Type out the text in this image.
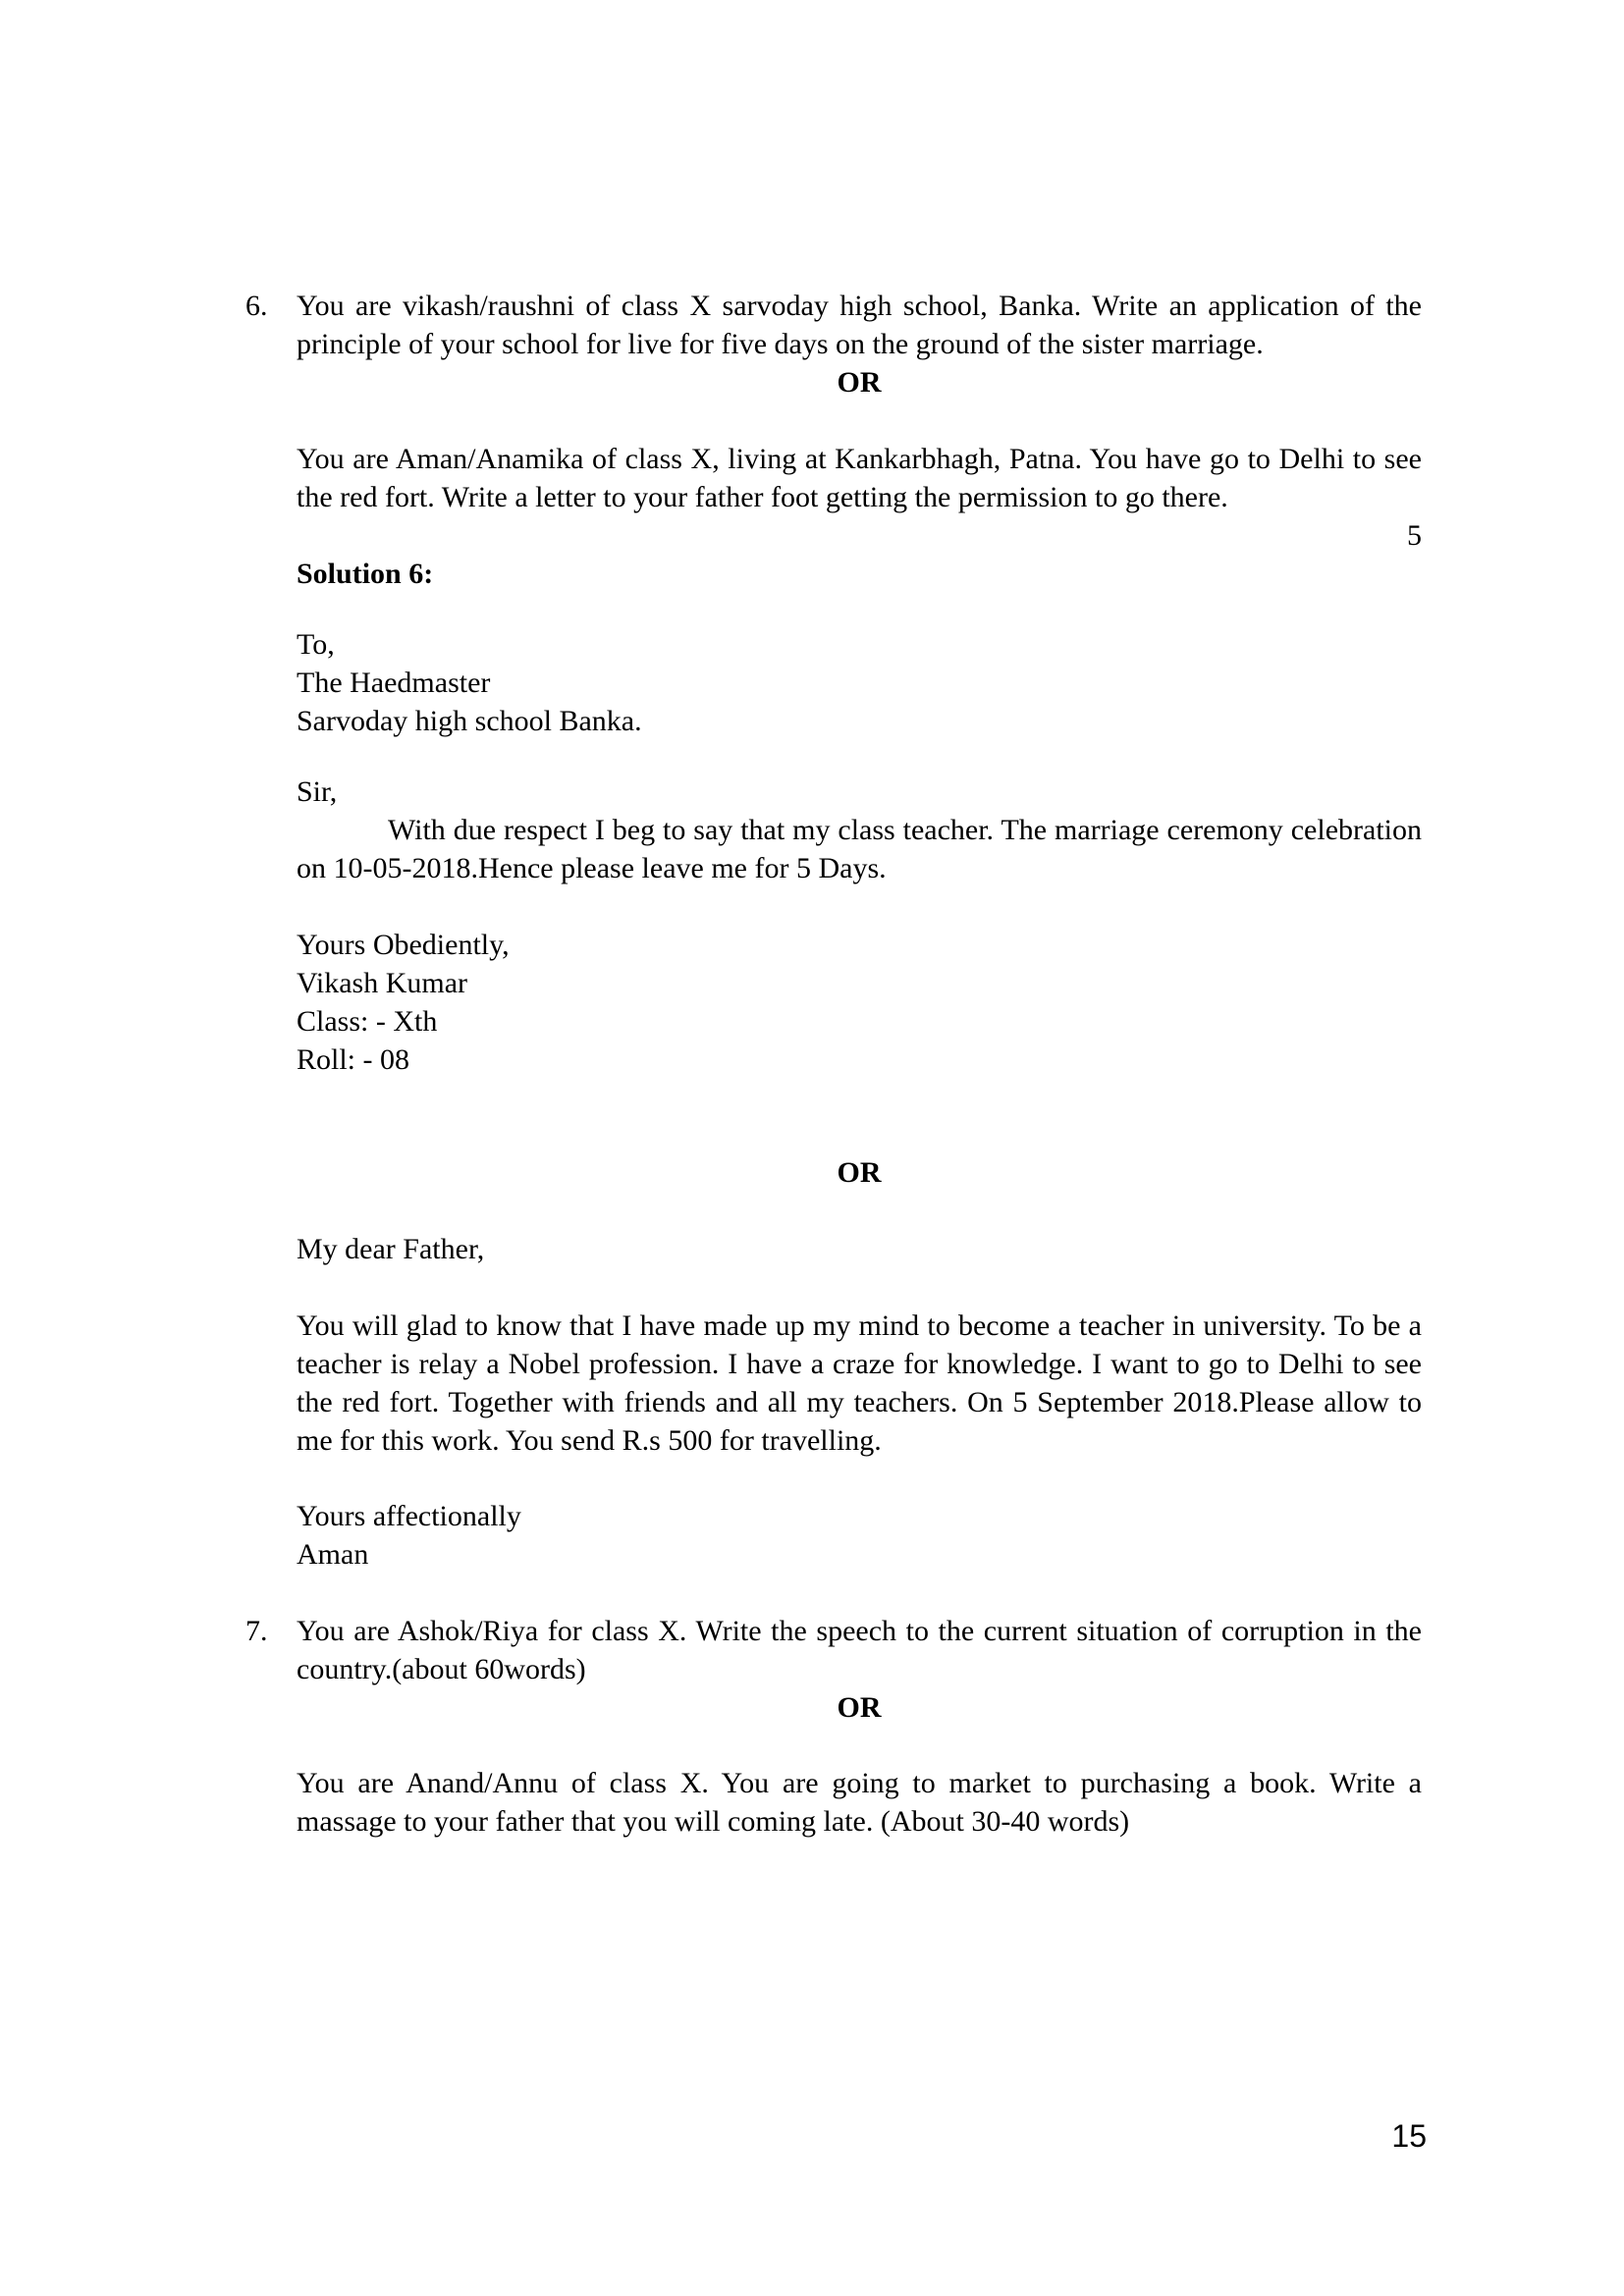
6. You are vikash/raushni of class X sarvoday high school, Banka. Write an application of the principle of your school for live for five days on the ground of the sister marriage.

OR

You are Aman/Anamika of class X, living at Kankarbhagh, Patna. You have go to Delhi to see the red fort. Write a letter to your father foot getting the permission to go there.

5

Solution 6:

To,

The Haedmaster

Sarvoday high school Banka.

Sir,

With due respect I beg to say that my class teacher. The marriage ceremony celebration on 10-05-2018.Hence please leave me for 5 Days.

Yours Obediently,

Vikash Kumar

Class: - Xth

Roll: - 08

OR

My dear Father,

You will glad to know that I have made up my mind to become a teacher in university. To be a teacher is relay a Nobel profession. I have a craze for knowledge. I want to go to Delhi to see the red fort. Together with friends and all my teachers. On 5 September 2018.Please allow to me for this work. You send R.s 500 for travelling.

Yours affectionally

Aman

7. You are Ashok/Riya for class X. Write the speech to the current situation of corruption in the country.(about 60words)

OR

You are Anand/Annu of class X. You are going to market to purchasing a book. Write a massage to your father that you will coming late. (About 30-40 words)

15
